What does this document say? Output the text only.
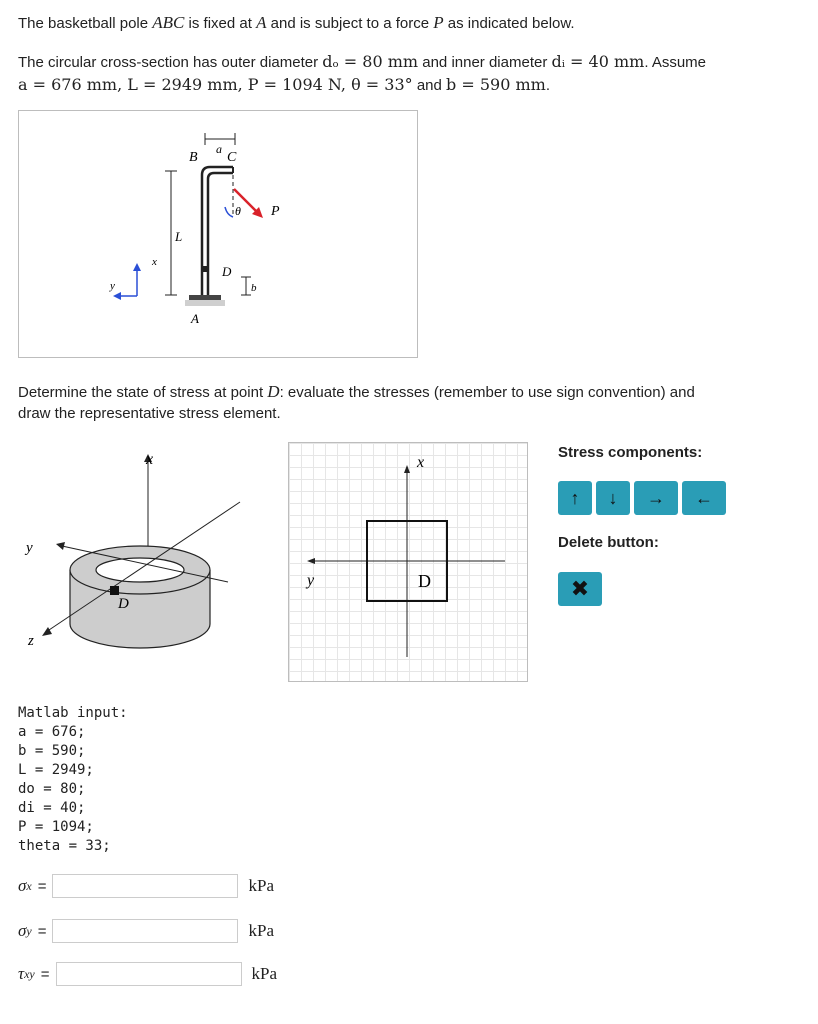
The basketball pole ABC is fixed at A and is subject to a force P as indicated below.
The circular cross-section has outer diameter dₒ = 80 mm and inner diameter dᵢ = 40 mm. Assume
a = 676 mm, L = 2949 mm, P = 1094 N, θ = 33° and b = 590 mm.
a
B C
L
θ P
D
b
A
x
y
Determine the state of stress at point D: evaluate the stresses (remember to use sign convention) and
draw the representative stress element.
x
y
z
D
x
y	D
Stress components:
↑ ↓ → ←
Delete button:
✖
Matlab input:
a = 676;
b = 590;
L = 2949;
do = 80;
di = 40;
P = 1094;
theta = 33;
σ x =	kPa
σ y =	kPa
τ xy =	kPa
